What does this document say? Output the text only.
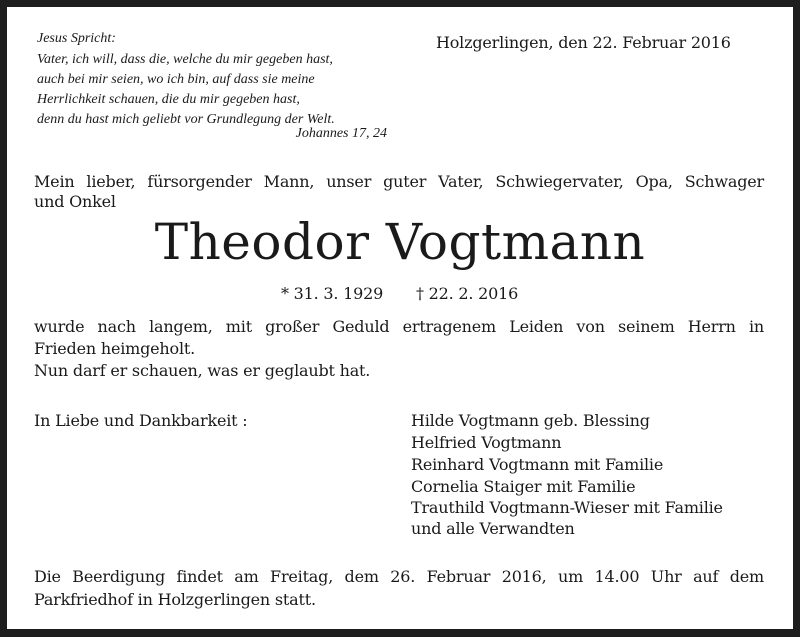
Jesus Spricht:
Vater, ich will, dass die, welche du mir gegeben hast,
auch bei mir seien, wo ich bin, auf dass sie meine
Herrlichkeit schauen, die du mir gegeben hast,
denn du hast mich geliebt vor Grundlegung der Welt.
Johannes 17, 24
Holzgerlingen, den 22. Februar 2016
Mein lieber, fürsorgender Mann, unser guter Vater, Schwiegervater, Opa, Schwager
und Onkel
Theodor Vogtmann
* 31. 3. 1929 † 22. 2. 2016
wurde nach langem, mit großer Geduld ertragenem Leiden von seinem Herrn in
Frieden heimgeholt.
Nun darf er schauen, was er geglaubt hat.
In Liebe und Dankbarkeit :	Hilde Vogtmann geb. Blessing
Helfried Vogtmann
Reinhard Vogtmann mit Familie
Cornelia Staiger mit Familie
Trauthild Vogtmann-Wieser mit Familie
und alle Verwandten
Die Beerdigung findet am Freitag, dem 26. Februar 2016, um 14.00 Uhr auf dem
Parkfriedhof in Holzgerlingen statt.
